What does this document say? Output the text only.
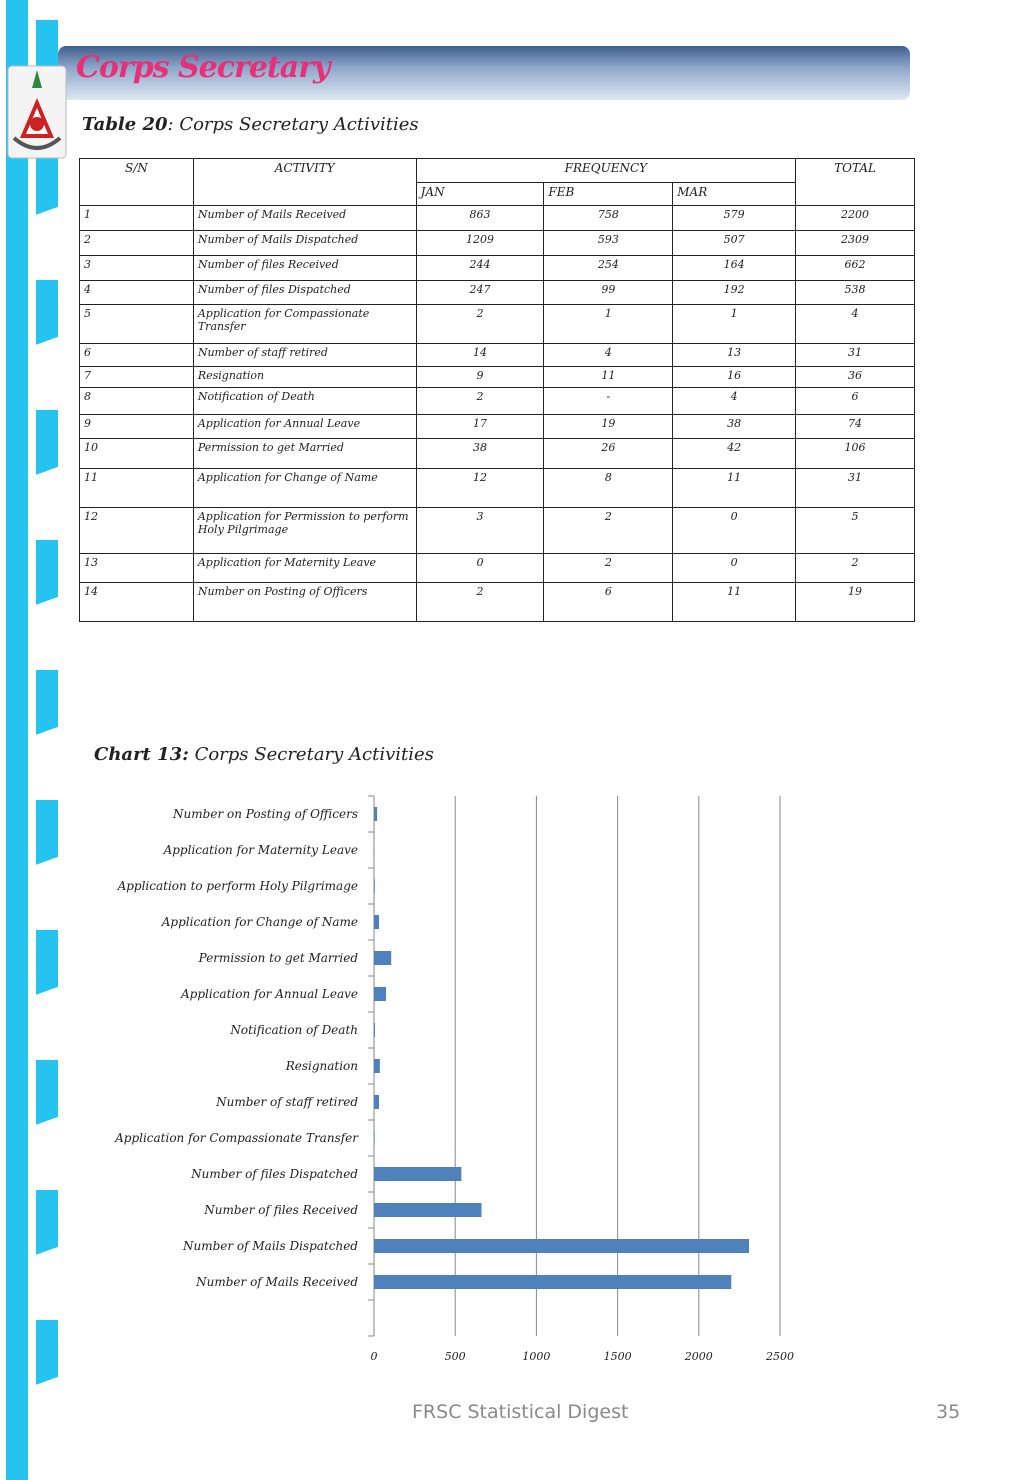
Corps Secretary
Table 20: Corps Secretary Activities
S/N	ACTIVITY	FREQUENCY			TOTAL
		JAN	FEB	MAR	
1	Number of Mails Received	863	758	579	2200
2	Number of Mails Dispatched	1209	593	507	2309
3	Number of files Received	244	254	164	662
4	Number of files Dispatched	247	99	192	538
5	Application for Compassionate Transfer	2	1	1	4
6	Number of staff retired	14	4	13	31
7	Resignation	9	11	16	36
8	Notification of Death	2	-	4	6
9	Application for Annual Leave	17	19	38	74
10	Permission to get Married	38	26	42	106
11	Application for Change of Name	12	8	11	31
12	Application for Permission to perform Holy Pilgrimage	3	2	0	5
13	Application for Maternity Leave	0	2	0	2
14	Number on Posting of Officers	2	6	11	19
Chart 13: Corps Secretary Activities
0	500	1000	1500	2000	2500
Number on Posting of Officers
Application for Maternity Leave
Application to perform Holy Pilgrimage
Application for Change of Name
Permission to get Married
Application for Annual Leave
Notification of Death
Resignation
Number of staff retired
Application for Compassionate Transfer
Number of files Dispatched
Number of files Received
Number of Mails Dispatched
Number of Mails Received
FRSC Statistical Digest	35
